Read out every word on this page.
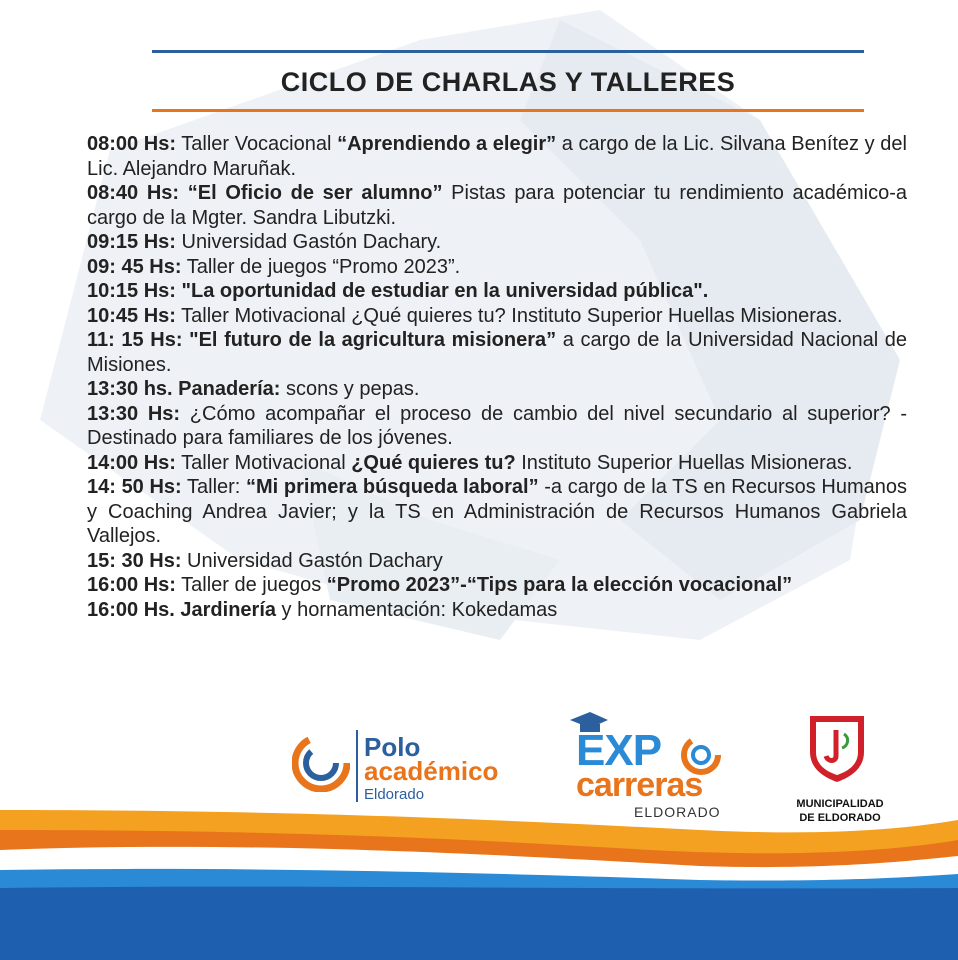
CICLO DE CHARLAS Y TALLERES

08:00 Hs: Taller Vocacional “Aprendiendo a elegir” a cargo de la Lic. Silvana Benítez y del Lic. Alejandro Maruñak.

08:40 Hs: “El Oficio de ser alumno” Pistas para potenciar tu rendimiento académico-a cargo de la Mgter. Sandra Libutzki.

09:15 Hs: Universidad Gastón Dachary.

09: 45 Hs: Taller de juegos “Promo 2023”.

10:15 Hs: "La oportunidad de estudiar en la universidad pública".

10:45 Hs: Taller Motivacional ¿Qué quieres tu? Instituto Superior Huellas Misioneras.

11: 15 Hs: "El futuro de la agricultura misionera” a cargo de la Universidad Nacional de Misiones.

13:30 hs. Panadería: scons y pepas.

13:30 Hs: ¿Cómo acompañar el proceso de cambio del nivel secundario al superior? - Destinado para familiares de los jóvenes.

14:00 Hs: Taller Motivacional ¿Qué quieres tu? Instituto Superior Huellas Misioneras.

14: 50 Hs: Taller: “Mi primera búsqueda laboral” -a cargo de la TS en Recursos Humanos y Coaching Andrea Javier; y la TS en Administración de Recursos Humanos Gabriela Vallejos.

15: 30 Hs: Universidad Gastón Dachary

16:00 Hs: Taller de juegos “Promo 2023”-“Tips para la elección vocacional”

16:00 Hs. Jardinería y hornamentación: Kokedamas

Polo
académico
Eldorado
EXP
carreras
ELDORADO	MUNICIPALIDAD
DE ELDORADO
